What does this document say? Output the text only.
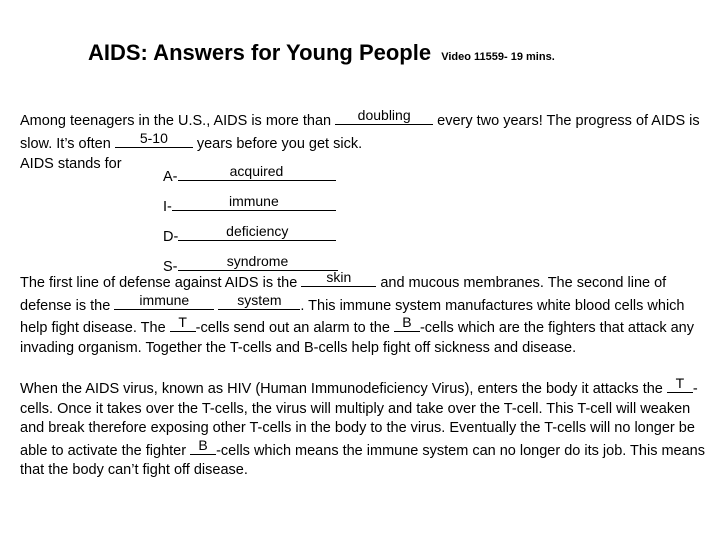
AIDS: Answers for Young People Video 11559- 19 mins.
Among teenagers in the U.S., AIDS is more than	doubling	every two years! The progress of AIDS is slow. It’s often	5-10	years before you get sick.
AIDS stands for
A-	acquired
I-	immune
D-	deficiency
S-	syndrome
The first line of defense against AIDS is the	skin	and mucous membranes. The second line of defense is the	immune
	system	. This immune system manufactures white blood cells which help fight disease. The T -cells send out an alarm to the B -cells which are the fighters that attack any invading organism. Together the T-cells and B-cells help fight off sickness and disease.
When the AIDS virus, known as HIV (Human Immunodeficiency Virus), enters the body it attacks the T -cells. Once it takes over the T-cells, the virus will multiply and take over the T-cell. This T-cell will weaken and break therefore exposing other T-cells in the body to the virus. Eventually the T-cells will no longer be able to activate the fighter B -cells which means the immune system can no longer do its job. This means that the body can’t fight off disease.
